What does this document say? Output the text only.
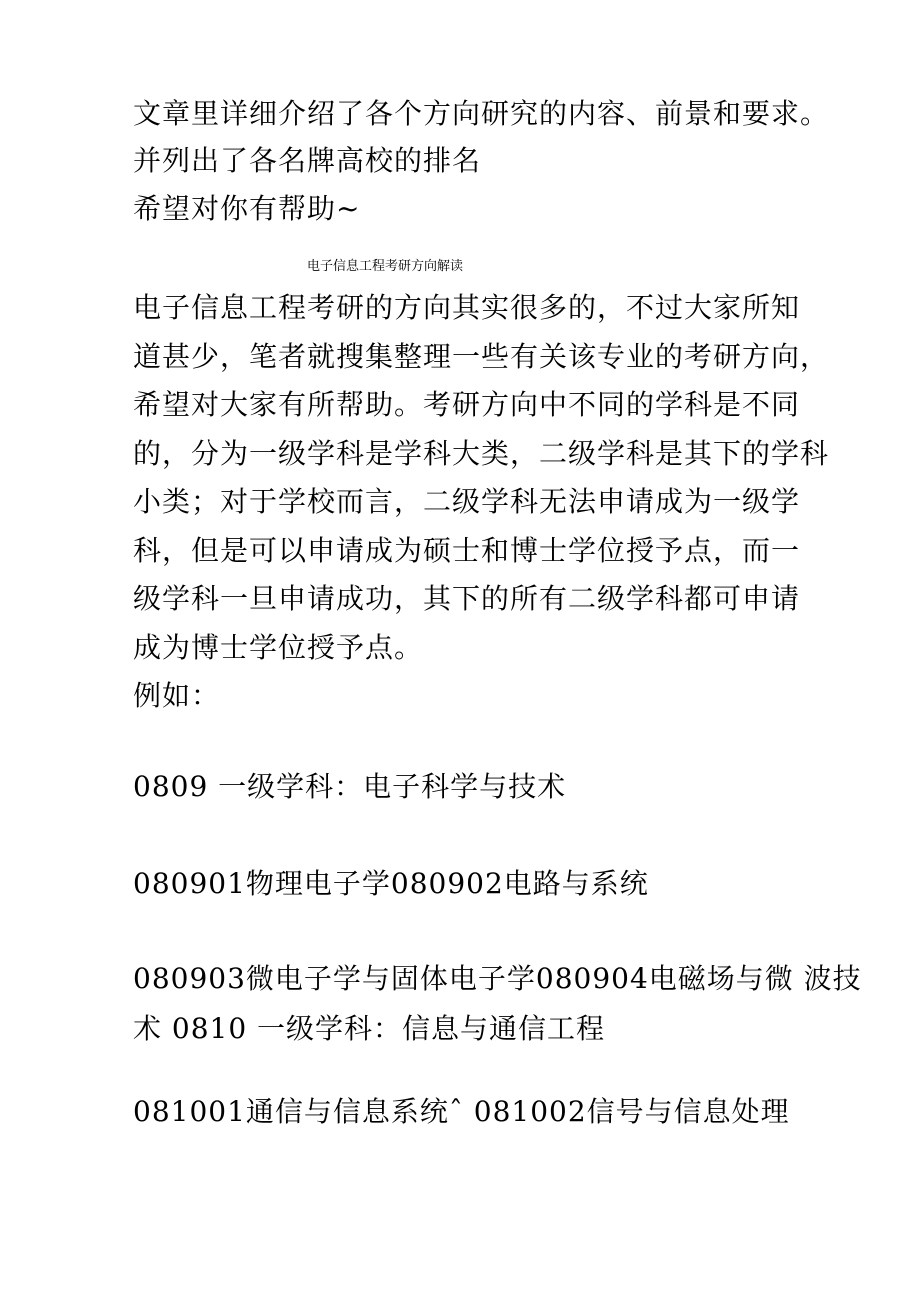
文章里详细介绍了各个方向研究的内容、前景和要求。
并列出了各名牌高校的排名
希望对你有帮助~
电子信息工程考研方向解读
电子信息工程考研的方向其实很多的，不过大家所知
道甚少，笔者就搜集整理一些有关该专业的考研方向，
希望对大家有所帮助。考研方向中不同的学科是不同
的，分为一级学科是学科大类，二级学科是其下的学科
小类；对于学校而言，二级学科无法申请成为一级学
科，但是可以申请成为硕士和博士学位授予点，而一
级学科一旦申请成功，其下的所有二级学科都可申请
成为博士学位授予点。
例如：
0809 一级学科：电子科学与技术
080901物理电子学080902电路与系统
080903微电子学与固体电子学080904电磁场与微 波技
术 0810 一级学科：信息与通信工程
081001通信与信息系统ˆ 081002信号与信息处理
